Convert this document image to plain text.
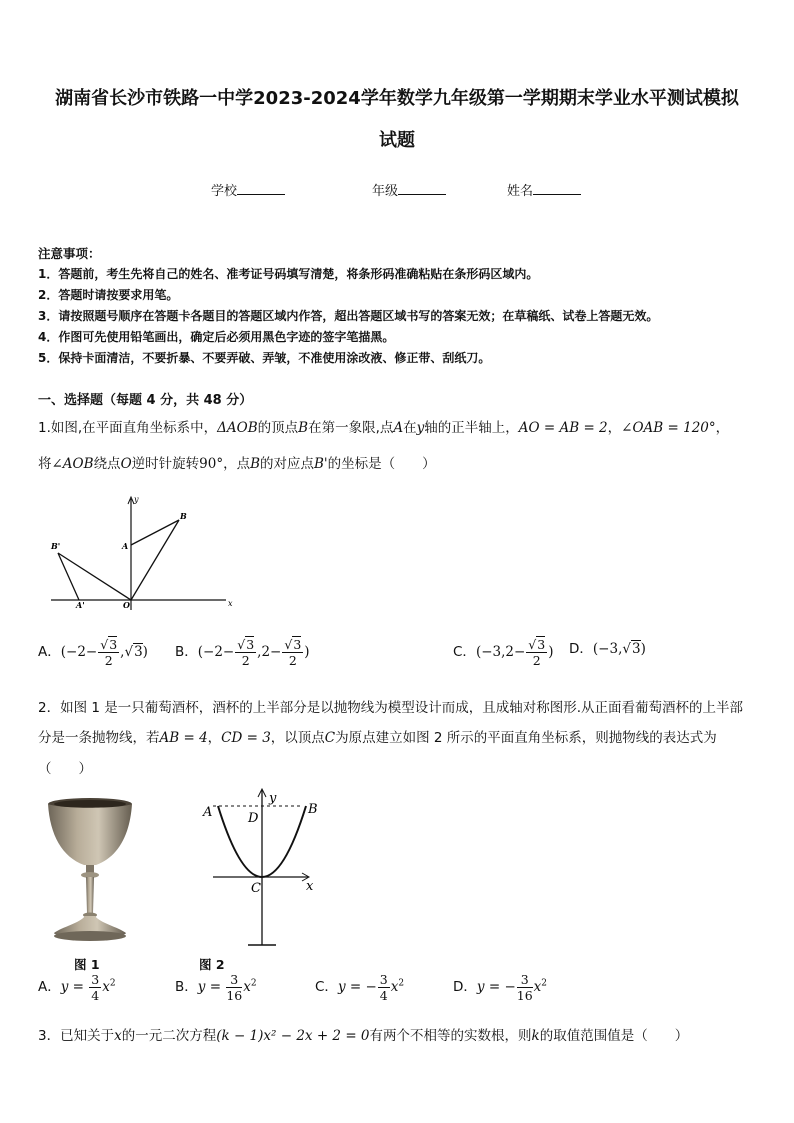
湖南省长沙市铁路一中学2023-2024学年数学九年级第一学期期末学业水平测试模拟
试题
学校	年级	姓名
注意事项：
1．答题前，考生先将自己的姓名、准考证号码填写清楚，将条形码准确粘贴在条形码区域内。
2．答题时请按要求用笔。
3．请按照题号顺序在答题卡各题目的答题区域内作答，超出答题区域书写的答案无效；在草稿纸、试卷上答题无效。
4．作图可先使用铅笔画出，确定后必须用黑色字迹的签字笔描黑。
5．保持卡面清洁，不要折暴、不要弄破、弄皱，不准使用涂改液、修正带、刮纸刀。
一、选择题（每题 4 分，共 48 分）
1.如图,在平面直角坐标系中，ΔAOB的顶点B在第一象限,点A在y轴的正半轴上，AO = AB = 2，∠OAB = 120°，
将∠AOB绕点O逆时针旋转90°，点B的对应点B'的坐标是（　　）
y
x
B
A
B'
A'	O
A．$(-2- \frac{√3}{2} ,√3)$ B．($-2- \frac{√3}{2} ,2- \frac{√3}{2}$ )	C．($-3,2- \frac{√3}{2}$ ) D．(−3,√3)
2．如图 1 是一只葡萄酒杯，酒杯的上半部分是以抛物线为模型设计而成，且成轴对称图形.从正面看葡萄酒杯的上半部
分是一条抛物线，若AB = 4，CD = 3，以顶点C为原点建立如图 2 所示的平面直角坐标系，则抛物线的表达式为
（　　）
A	B
D
C	x
y
图 1	图 2
A．$y = \frac{3}{4} x^2$	B．$y = \frac{3}{16} x^2$	C．y = − $\frac{3}{4} x^2$	D．y = − $\frac{3}{16} x^2$
3．已知关于x的一元二次方程(k − 1)x² − 2x + 2 = 0有两个不相等的实数根，则k的取值范围值是（　　）
